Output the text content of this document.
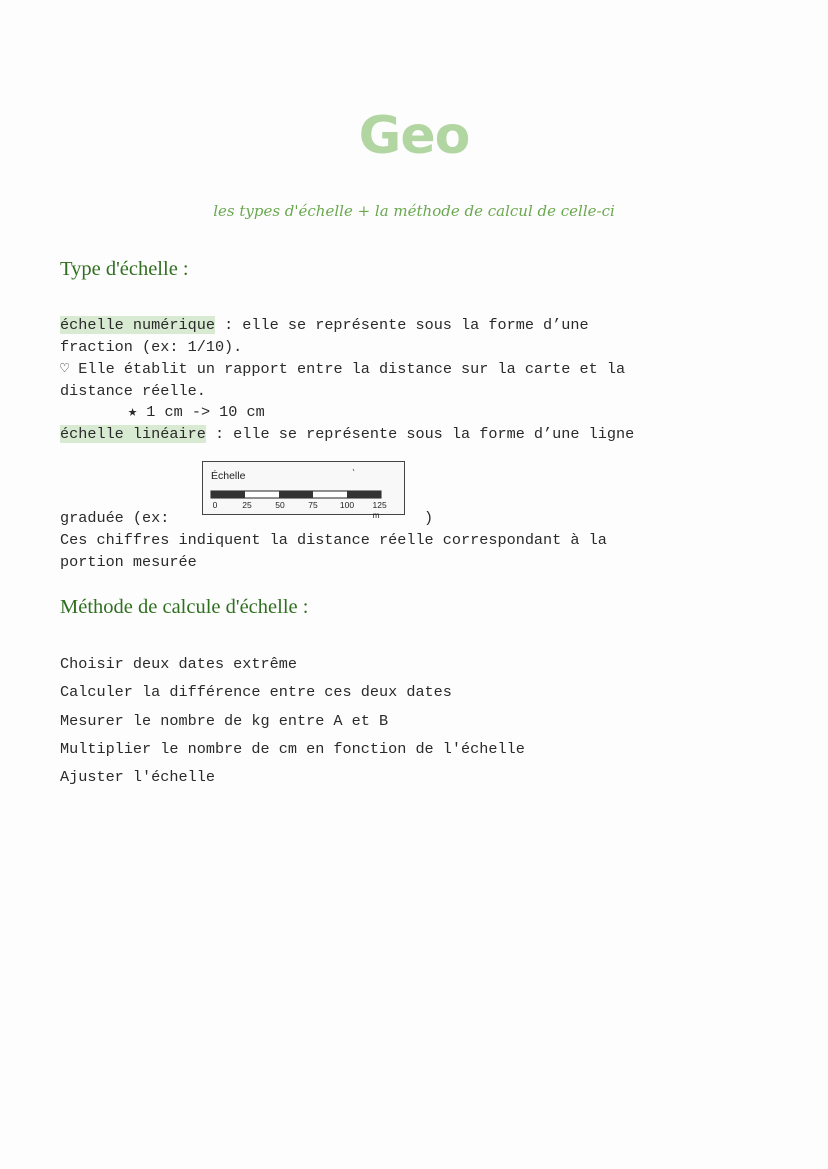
Geo
les types d'échelle + la méthode de calcul de celle-ci
Type d'échelle :
échelle numérique : elle se représente sous la forme d’une
fraction (ex: 1/10).
♡ Elle établit un rapport entre la distance sur la carte et la
distance réelle.
★ 1 cm -> 10 cm
échelle linéaire : elle se représente sous la forme d’une ligne
graduée (ex:
Échelle
0	25	50	75	100 125 m	)
Ces chiffres indiquent la distance réelle correspondant à la
portion mesurée
Méthode de calcule d'échelle :
Choisir deux dates extrême
Calculer la différence entre ces deux dates
Mesurer le nombre de kg entre A et B
Multiplier le nombre de cm en fonction de l'échelle
Ajuster l'échelle
